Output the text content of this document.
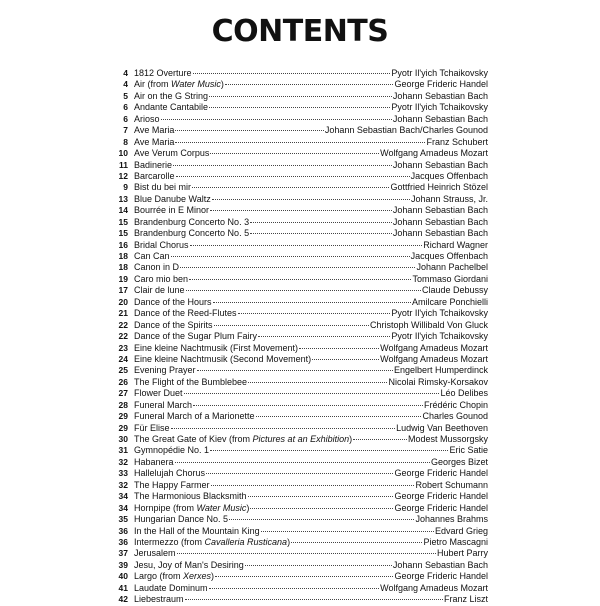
CONTENTS
4 1812 Overture	Pyotr Il'yich Tchaikovsky
4 Air (from Water Music)	George Frideric Handel
5 Air on the G String	Johann Sebastian Bach
6 Andante Cantabile	Pyotr Il'yich Tchaikovsky
6 Arioso	Johann Sebastian Bach
7 Ave Maria	Johann Sebastian Bach/Charles Gounod
8 Ave Maria	Franz Schubert
10 Ave Verum Corpus	Wolfgang Amadeus Mozart
11 Badinerie	Johann Sebastian Bach
12 Barcarolle	Jacques Offenbach
9 Bist du bei mir	Gottfried Heinrich Stözel
13 Blue Danube Waltz	Johann Strauss, Jr.
14 Bourrée in E Minor	Johann Sebastian Bach
15 Brandenburg Concerto No. 3	Johann Sebastian Bach
15 Brandenburg Concerto No. 5	Johann Sebastian Bach
16 Bridal Chorus	Richard Wagner
18 Can Can	Jacques Offenbach
18 Canon in D	Johann Pachelbel
19 Caro mio ben	Tommaso Giordani
17 Clair de lune	Claude Debussy
20 Dance of the Hours	Amilcare Ponchielli
21 Dance of the Reed-Flutes	Pyotr Il'yich Tchaikovsky
22 Dance of the Spirits	Christoph Willibald Von Gluck
22 Dance of the Sugar Plum Fairy	Pyotr Il'yich Tchaikovsky
23 Eine kleine Nachtmusik (First Movement)	Wolfgang Amadeus Mozart
24 Eine kleine Nachtmusik (Second Movement)	Wolfgang Amadeus Mozart
25 Evening Prayer	Engelbert Humperdinck
26 The Flight of the Bumblebee	Nicolai Rimsky-Korsakov
27 Flower Duet	Léo Delibes
28 Funeral March	Frédéric Chopin
29 Funeral March of a Marionette	Charles Gounod
29 Für Elise	Ludwig Van Beethoven
30 The Great Gate of Kiev (from Pictures at an Exhibition)	Modest Mussorgsky
31 Gymnopédie No. 1	Eric Satie
32 Habanera	Georges Bizet
33 Hallelujah Chorus	George Frideric Handel
32 The Happy Farmer	Robert Schumann
34 The Harmonious Blacksmith	George Frideric Handel
34 Hornpipe (from Water Music)	George Frideric Handel
35 Hungarian Dance No. 5	Johannes Brahms
36 In the Hall of the Mountain King	Edvard Grieg
36 Intermezzo (from Cavalleria Rusticana)	Pietro Mascagni
37 Jerusalem	Hubert Parry
39 Jesu, Joy of Man's Desiring	Johann Sebastian Bach
40 Largo (from Xerxes)	George Frideric Handel
41 Laudate Dominum	Wolfgang Amadeus Mozart
42 Liebestraum	Franz Liszt
